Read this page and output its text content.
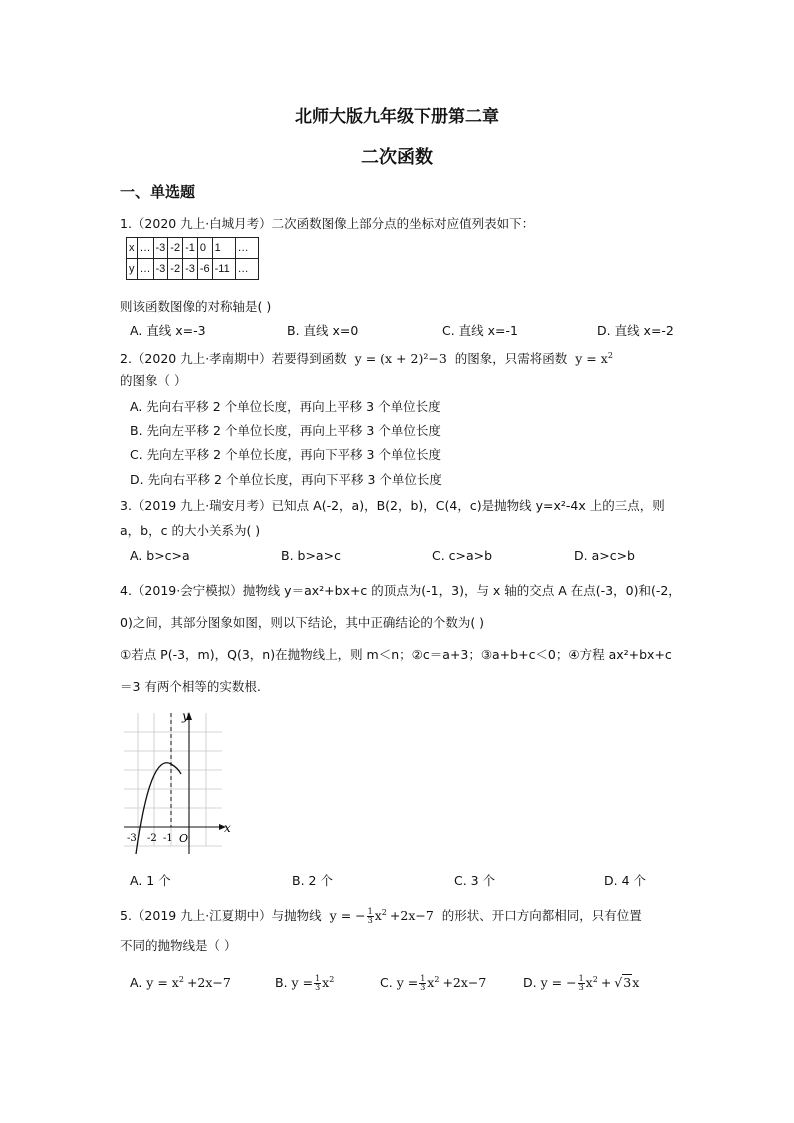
北师大版九年级下册第二章
二次函数
一、单选题
1.（2020 九上·白城月考）二次函数图像上部分点的坐标对应值列表如下：
x	…	-3	-2	-1	0	1	…
y	…	-3	-2	-3	-6	-11	…
则该函数图像的对称轴是( )
A. 直线 x=-3	B. 直线 x=0	C. 直线 x=-1	D. 直线 x=-2
2.（2020 九上·孝南期中）若要得到函数 y = (x + 2)²−3 的图象，只需将函数 $y = x^2$
的图象（ ）
A. 先向右平移 2 个单位长度，再向上平移 3 个单位长度
B. 先向左平移 2 个单位长度，再向上平移 3 个单位长度
C. 先向左平移 2 个单位长度，再向下平移 3 个单位长度
D. 先向右平移 2 个单位长度，再向下平移 3 个单位长度
3.（2019 九上·瑞安月考）已知点 A(-2，a)，B(2，b)，C(4，c)是抛物线 y=x²-4x 上的三点，则
a，b，c 的大小关系为( )
A. b>c>a	B. b>a>c	C. c>a>b	D. a>c>b
4.（2019·会宁模拟）抛物线 y＝ax²+bx+c 的顶点为(-1，3)，与 x 轴的交点 A 在点(-3，0)和(-2，
0)之间，其部分图象如图，则以下结论，其中正确结论的个数为( )
①若点 P(-3，m)，Q(3，n)在抛物线上，则 m＜n；②c＝a+3；③a+b+c＜0；④方程 ax²+bx+c
＝3 有两个相等的实数根.
y
x
O
-3 -2 -1
A. 1 个	B. 2 个	C. 3 个	D. 4 个
5.（2019 九上·江夏期中）与抛物线 y = − $\frac{1}{3} x^2 +2x-7$ 的形状、开口方向都相同，只有位置
不同的抛物线是（ ）
A. $y = x^2 +2x-7$	B. $y = \frac{1}{3} x^2$	C. $y = \frac{1}{3} x^2 +2x-7$	D. y = − $\frac{1}{3} x^2 + √3x$
